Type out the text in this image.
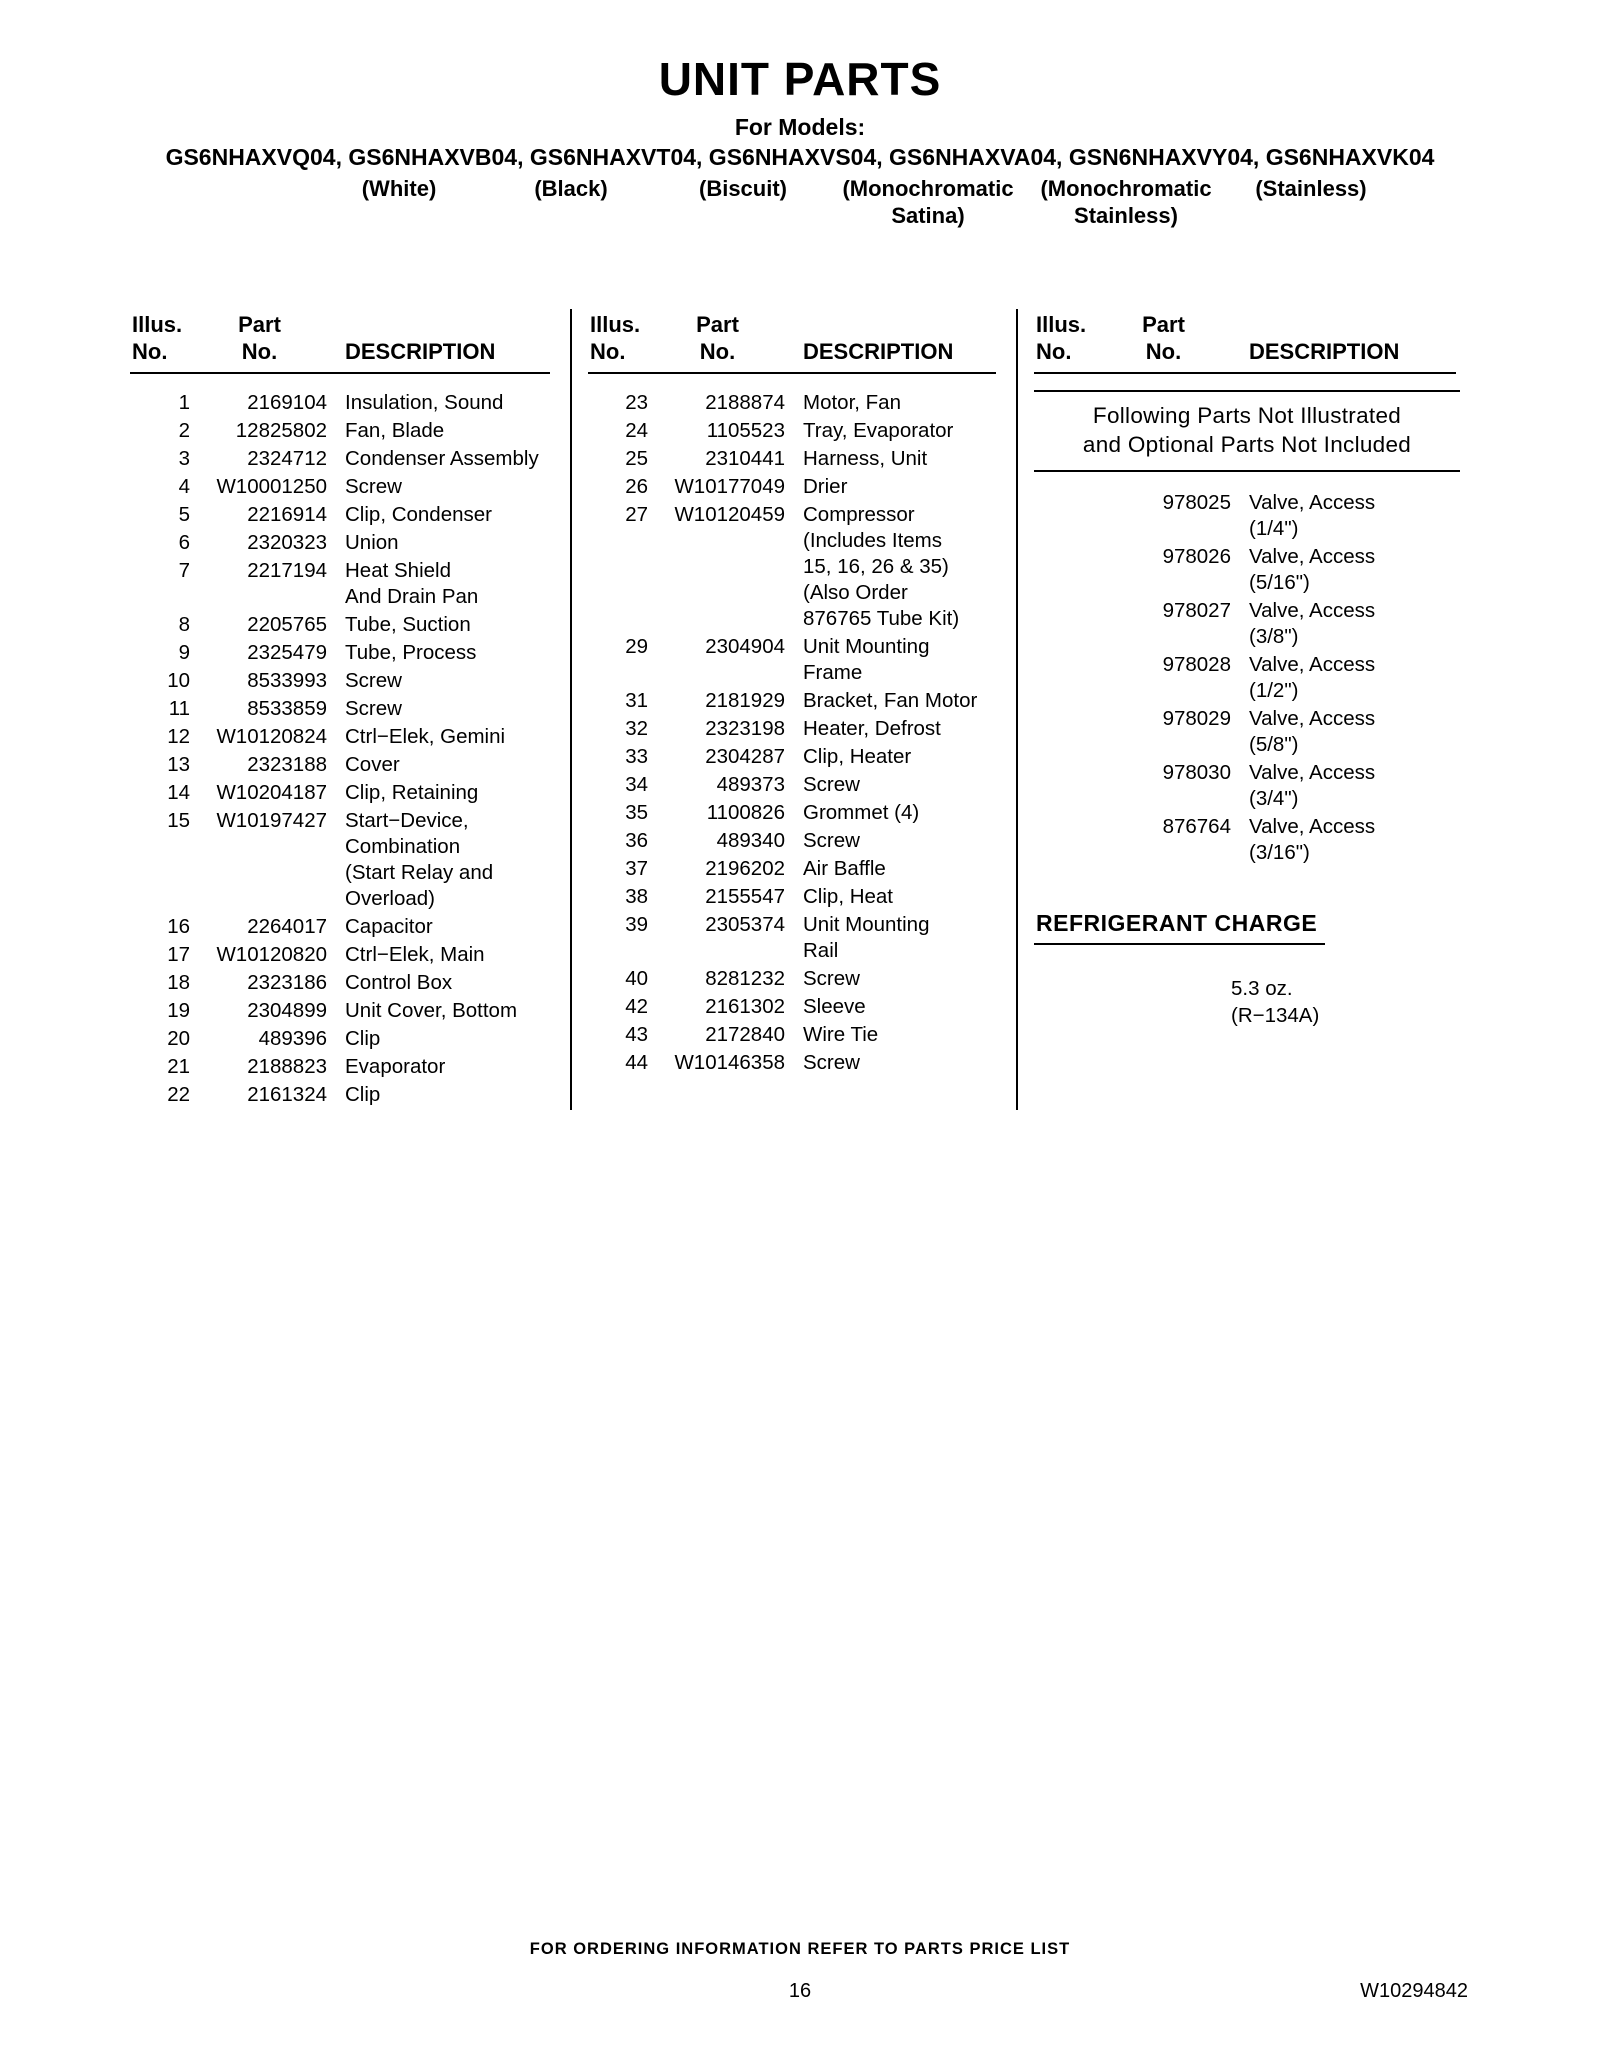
UNIT PARTS
For Models:
GS6NHAXVQ04, GS6NHAXVB04, GS6NHAXVT04, GS6NHAXVS04, GS6NHAXVA04, GSN6NHAXVY04, GS6NHAXVK04
(White)	(Black)	(Biscuit)	(Monochromatic
Satina)
(Monochromatic
Stainless)
(Stainless)
Illus.
No.
Part
No.	DESCRIPTION
1	2169104 Insulation, Sound
2	12825802 Fan, Blade
3	2324712 Condenser Assembly
4	W10001250 Screw
5	2216914 Clip, Condenser
6	2320323 Union
7	2217194 Heat Shield
And Drain Pan
8	2205765 Tube, Suction
9	2325479 Tube, Process
10	8533993 Screw
11	8533859 Screw
12	W10120824 Ctrl−Elek, Gemini
13	2323188 Cover
14	W10204187 Clip, Retaining
15	W10197427 Start−Device,
Combination
(Start Relay and
Overload)
16	2264017 Capacitor
17	W10120820 Ctrl−Elek, Main
18	2323186 Control Box
19	2304899 Unit Cover, Bottom
20	489396 Clip
21	2188823 Evaporator
22	2161324 Clip
Illus.
No.
Part
No.	DESCRIPTION
23	2188874 Motor, Fan
24	1105523 Tray, Evaporator
25	2310441 Harness, Unit
26	W10177049 Drier
27	W10120459 Compressor
(Includes Items
15, 16, 26 & 35)
(Also Order
876765 Tube Kit)
29	2304904 Unit Mounting
Frame
31	2181929 Bracket, Fan Motor
32	2323198 Heater, Defrost
33	2304287 Clip, Heater
34	489373 Screw
35	1100826 Grommet (4)
36	489340 Screw
37	2196202 Air Baffle
38	2155547 Clip, Heat
39	2305374 Unit Mounting
Rail
40	8281232 Screw
42	2161302 Sleeve
43	2172840 Wire Tie
44	W10146358 Screw
Illus.
No.
Part
No.	DESCRIPTION
Following Parts Not Illustrated
and Optional Parts Not Included
978025 Valve, Access
(1/4")
978026 Valve, Access
(5/16")
978027 Valve, Access
(3/8")
978028 Valve, Access
(1/2")
978029 Valve, Access
(5/8")
978030 Valve, Access
(3/4")
876764 Valve, Access
(3/16")
REFRIGERANT CHARGE
5.3 oz.
(R−134A)
FOR ORDERING INFORMATION REFER TO PARTS PRICE LIST
16	W10294842
